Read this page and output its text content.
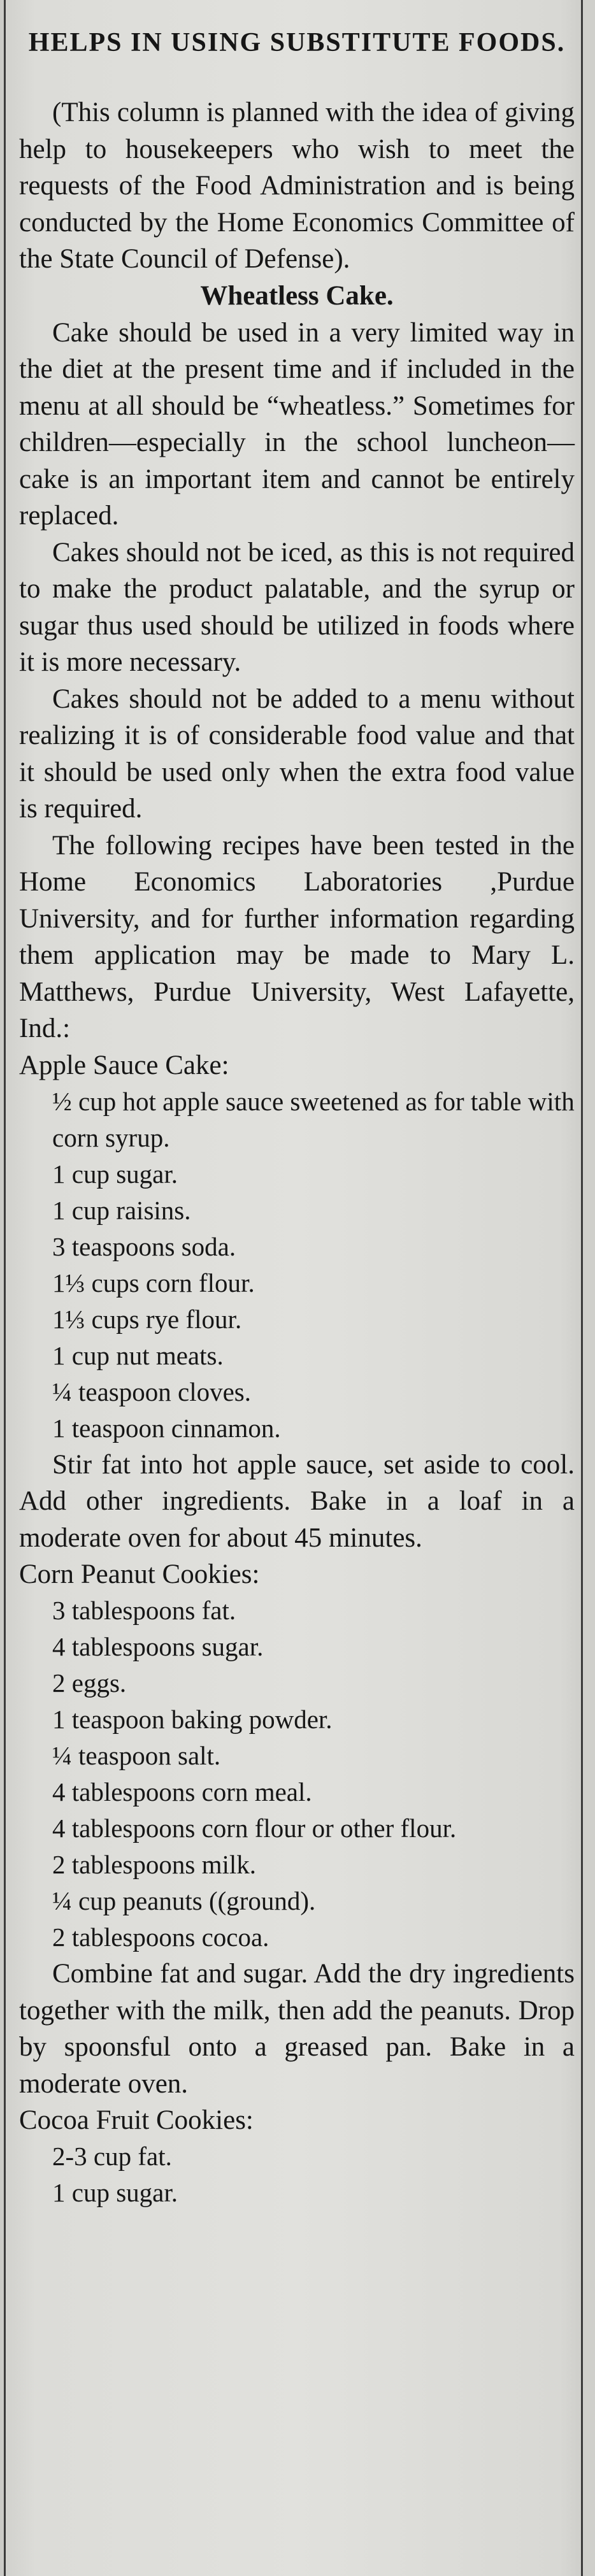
HELPS IN USING SUBSTITUTE FOODS.

(This column is planned with the idea of giving help to housekeepers who wish to meet the requests of the Food Administration and is being conducted by the Home Economics Committee of the State Council of Defense).

Wheatless Cake.

Cake should be used in a very limited way in the diet at the present time and if included in the menu at all should be “wheatless.” Sometimes for children—especially in the school luncheon—cake is an important item and cannot be entirely replaced.

Cakes should not be iced, as this is not required to make the product palatable, and the syrup or sugar thus used should be utilized in foods where it is more necessary.

Cakes should not be added to a menu without realizing it is of considerable food value and that it should be used only when the extra food value is required.

The following recipes have been tested in the Home Economics Laboratories ,Purdue University, and for further information regarding them application may be made to Mary L. Matthews, Purdue University, West Lafayette, Ind.:

Apple Sauce Cake:
½ cup hot apple sauce sweetened as for table with corn syrup.
1 cup sugar.
1 cup raisins.
3 teaspoons soda.
1⅓ cups corn flour.
1⅓ cups rye flour.
1 cup nut meats.
¼ teaspoon cloves.
1 teaspoon cinnamon.

Stir fat into hot apple sauce, set aside to cool. Add other ingredients. Bake in a loaf in a moderate oven for about 45 minutes.

Corn Peanut Cookies:
3 tablespoons fat.
4 tablespoons sugar.
2 eggs.
1 teaspoon baking powder.
¼ teaspoon salt.
4 tablespoons corn meal.
4 tablespoons corn flour or other flour.
2 tablespoons milk.
¼ cup peanuts ((ground).
2 tablespoons cocoa.

Combine fat and sugar. Add the dry ingredients together with the milk, then add the peanuts. Drop by spoonsful onto a greased pan. Bake in a moderate oven.

Cocoa Fruit Cookies:
2-3 cup fat.
1 cup sugar.
